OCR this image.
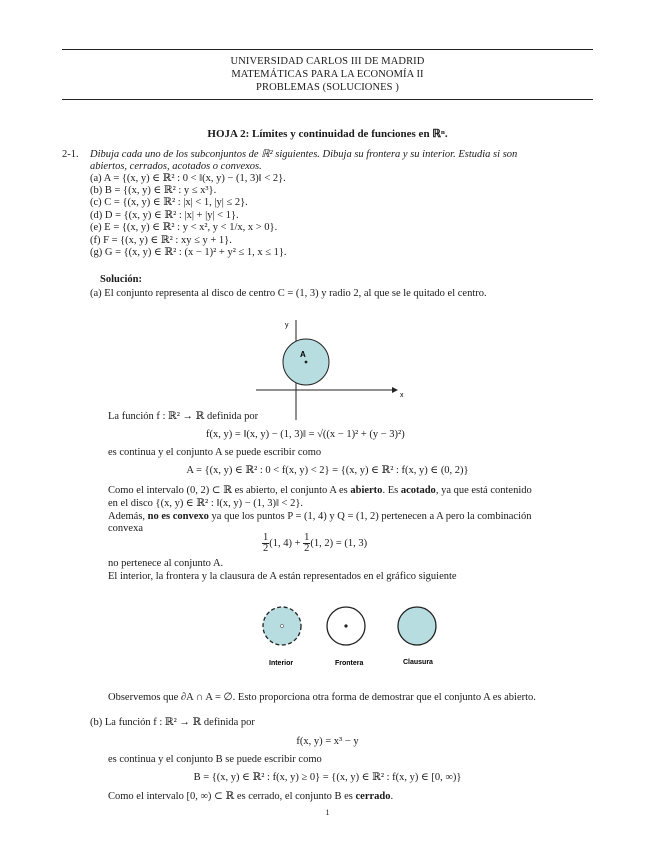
UNIVERSIDAD CARLOS III DE MADRID
MATEMÁTICAS PARA LA ECONOMÍA II
PROBLEMAS (SOLUCIONES )
HOJA 2: Límites y continuidad de funciones en ℝⁿ.
2-1. Dibuja cada uno de los subconjuntos de ℝ² siguientes. Dibuja su frontera y su interior. Estudia si son
abiertos, cerrados, acotados o convexos.
(a) A = {(x, y) ∈ ℝ² : 0 < ‖(x, y) − (1, 3)‖ < 2}.
(b) B = {(x, y) ∈ ℝ² : y ≤ x³}.
(c) C = {(x, y) ∈ ℝ² : |x| < 1, |y| ≤ 2}.
(d) D = {(x, y) ∈ ℝ² : |x| + |y| < 1}.
(e) E = {(x, y) ∈ ℝ² : y < x², y < 1/x, x > 0}.
(f) F = {(x, y) ∈ ℝ² : xy ≤ y + 1}.
(g) G = {(x, y) ∈ ℝ² : (x − 1)² + y² ≤ 1, x ≤ 1}.
Solución:
(a) El conjunto representa al disco de centro C = (1, 3) y radio 2, al que se le quitado el centro.
y
x
A
La función f : ℝ² → ℝ definida por
f(x, y) = ‖(x, y) − (1, 3)‖ = √((x − 1)² + (y − 3)²)
es continua y el conjunto A se puede escribir como
A = {(x, y) ∈ ℝ² : 0 < f(x, y) < 2} = {(x, y) ∈ ℝ² : f(x, y) ∈ (0, 2)}
Como el intervalo (0, 2) ⊂ ℝ es abierto, el conjunto A es abierto. Es acotado, ya que está contenido
en el disco {(x, y) ∈ ℝ² : ‖(x, y) − (1, 3)‖ < 2}.
Además, no es convexo ya que los puntos P = (1, 4) y Q = (1, 2) pertenecen a A pero la combinación
convexa
$\frac{1}{2} (1$, $4) + \frac{1}{2} (1$, 2) = (1, 3)
no pertenece al conjunto A.
El interior, la frontera y la clausura de A están representados en el gráfico siguiente
Interior	Frontera	Clausura
Observemos que ∂A ∩ A = ∅. Esto proporciona otra forma de demostrar que el conjunto A es abierto.
(b) La función f : ℝ² → ℝ definida por
f(x, y) = x³ − y
es continua y el conjunto B se puede escribir como
B = {(x, y) ∈ ℝ² : f(x, y) ≥ 0} = {(x, y) ∈ ℝ² : f(x, y) ∈ [0, ∞)}
Como el intervalo [0, ∞) ⊂ ℝ es cerrado, el conjunto B es cerrado.
1
